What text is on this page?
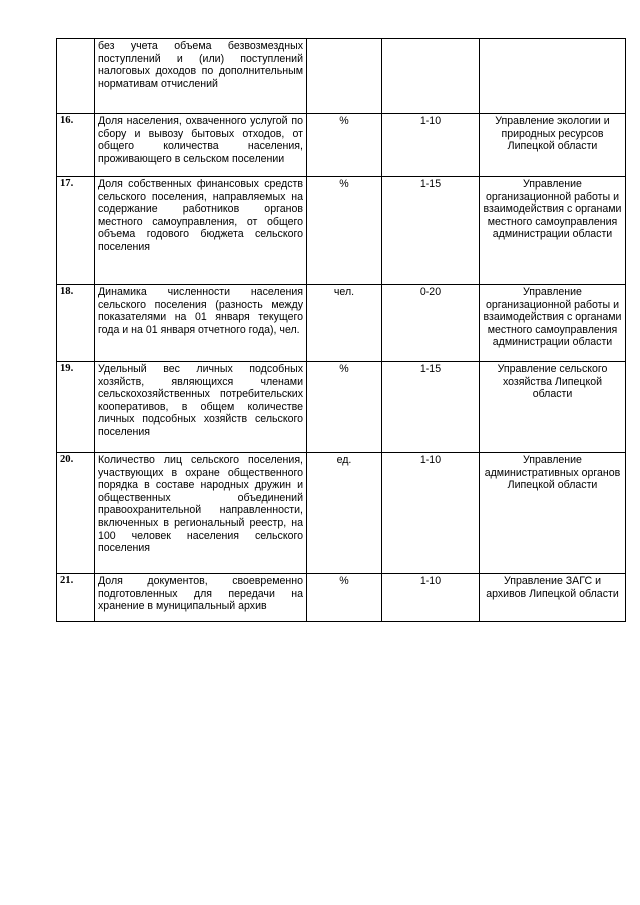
	без учета объема безвозмездных поступлений и (или) поступлений налоговых доходов по дополнительным нормативам отчислений			
16.	Доля населения, охваченного услугой по сбору и вывозу бытовых отходов, от общего количества населения, проживающего в сельском поселении	%	1-10	Управление экологии и природных ресурсов Липецкой области
17.	Доля собственных финансовых средств сельского поселения, направляемых на содержание работников органов местного самоуправления, от общего объема годового бюджета сельского поселения	%	1-15	Управление организационной работы и взаимодействия с органами местного самоуправления администрации области
18.	Динамика численности населения сельского поселения (разность между показателями на 01 января текущего года и на 01 января отчетного года), чел.	чел.	0-20	Управление организационной работы и взаимодействия с органами местного самоуправления администрации области
19.	Удельный вес личных подсобных хозяйств, являющихся членами сельскохозяйственных потребительских кооперативов, в общем количестве личных подсобных хозяйств сельского поселения	%	1-15	Управление сельского хозяйства Липецкой области
20.	Количество лиц сельского поселения, участвующих в охране общественного порядка в составе народных дружин и общественных объединений правоохранительной направленности, включенных в региональный реестр, на 100 человек населения сельского поселения	ед.	1-10	Управление административных органов Липецкой области
21.	Доля документов, своевременно подготовленных для передачи на хранение в муниципальный архив	%	1-10	Управление ЗАГС и архивов Липецкой области
